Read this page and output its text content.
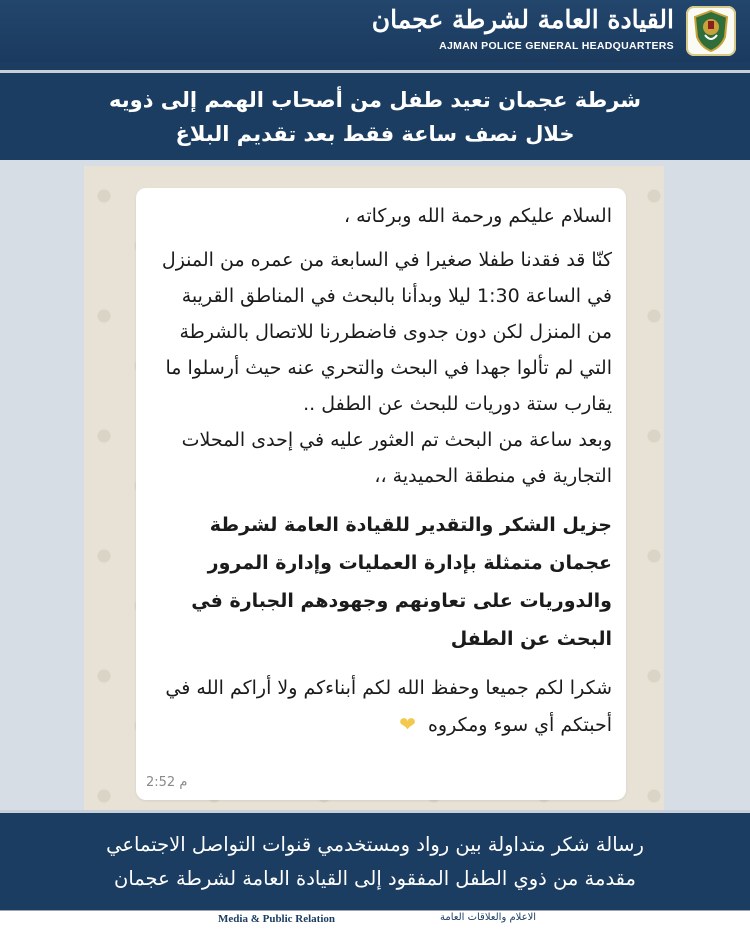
القيادة العامة لشرطة عجمان
AJMAN POLICE GENERAL HEADQUARTERS
شرطة عجمان تعيد طفل من أصحاب الهمم إلى ذويه
خلال نصف ساعة فقط بعد تقديم البلاغ
السلام عليكم ورحمة الله وبركاته ،
كنّا قد فقدنا طفلا صغيرا في السابعة من عمره من المنزل في الساعة 1:30 ليلا وبدأنا بالبحث في المناطق القريبة من المنزل لكن دون جدوى فاضطررنا للاتصال بالشرطة التي لم تألوا جهدا في البحث والتحري عنه حيث أرسلوا ما يقارب ستة دوريات للبحث عن الطفل ..
وبعد ساعة من البحث تم العثور عليه في إحدى المحلات التجارية في منطقة الحميدية ،،
جزيل الشكر والتقدير للقيادة العامة لشرطة عجمان متمثلة بإدارة العمليات وإدارة المرور والدوريات على تعاونهم وجهودهم الجبارة في البحث عن الطفل
شكرا لكم جميعا وحفظ الله لكم أبناءكم ولا أراكم الله في أحبتكم أي سوء ومكروه ❤
2:52 م
رسالة شكر متداولة بين رواد ومستخدمي قنوات التواصل الاجتماعي
مقدمة من ذوي الطفل المفقود إلى القيادة العامة لشرطة عجمان
Media & Public Relation	الاعلام والعلاقات العامة
